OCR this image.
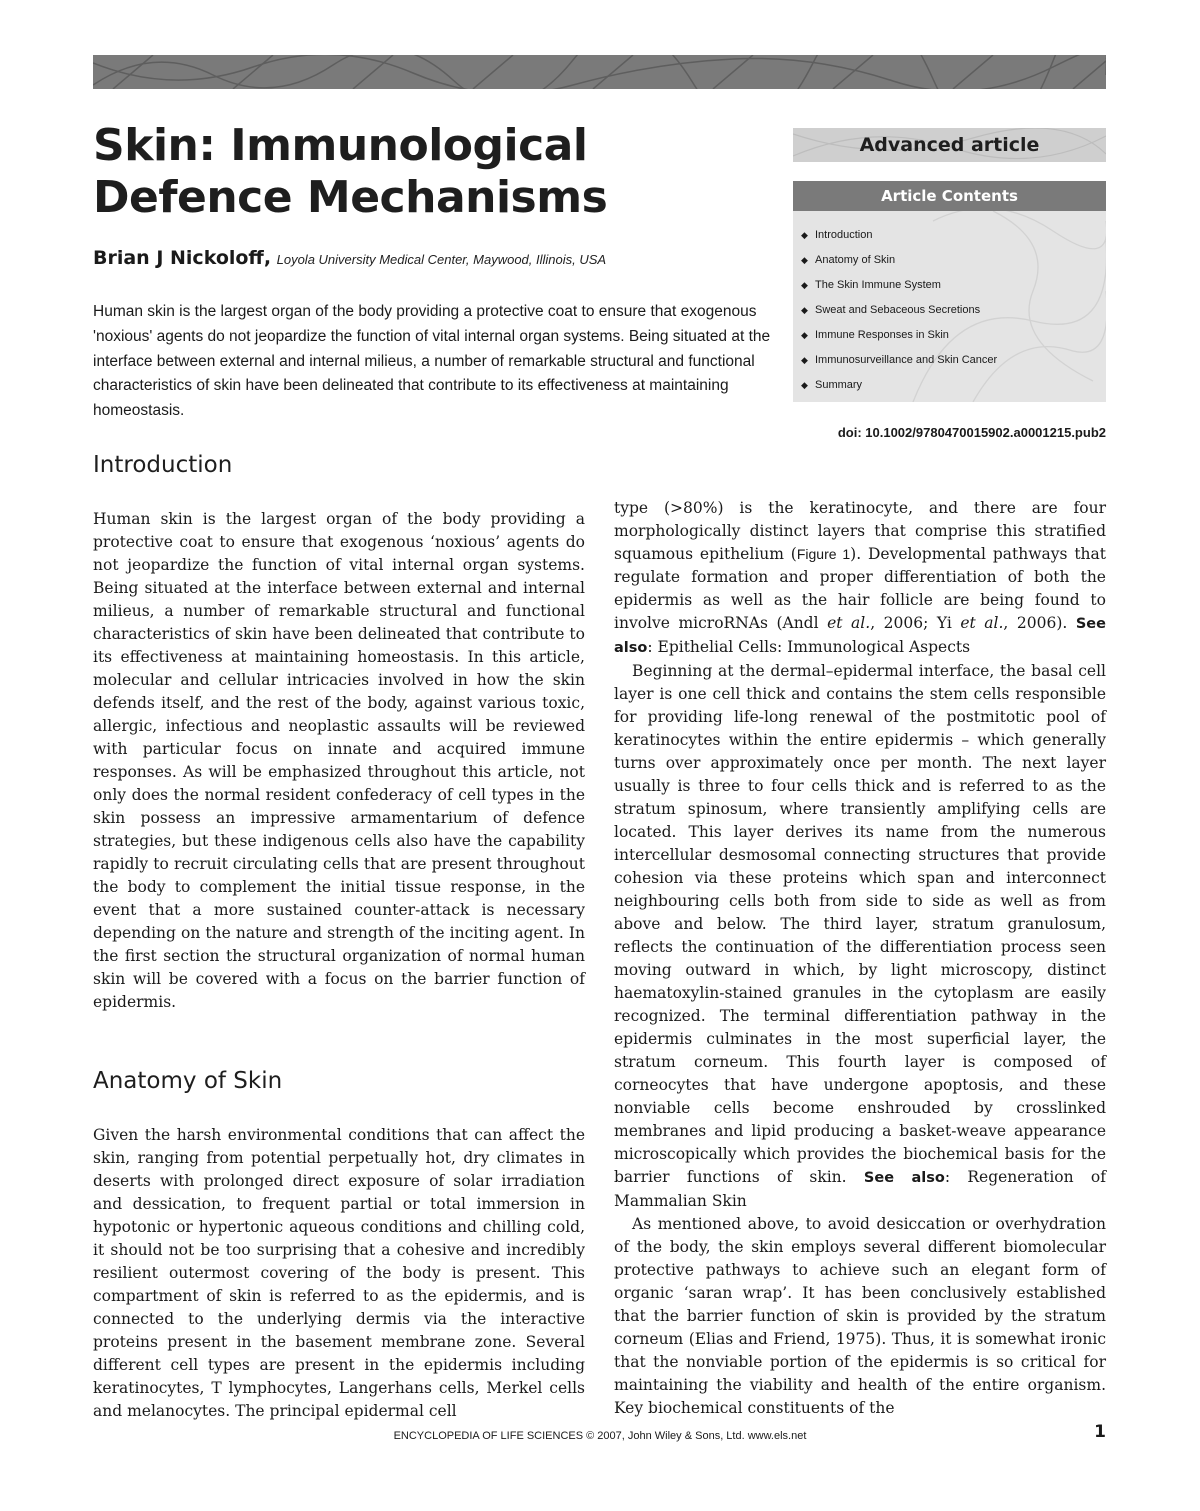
Skin: Immunological Defence Mechanisms
Brian J Nickoloff, Loyola University Medical Center, Maywood, Illinois, USA
Human skin is the largest organ of the body providing a protective coat to ensure that exogenous 'noxious' agents do not jeopardize the function of vital internal organ systems. Being situated at the interface between external and internal milieus, a number of remarkable structural and functional characteristics of skin have been delineated that contribute to its effectiveness at maintaining homeostasis.
Advanced article
Article Contents
◆ Introduction
◆ Anatomy of Skin
◆ The Skin Immune System
◆ Sweat and Sebaceous Secretions
◆ Immune Responses in Skin
◆ Immunosurveillance and Skin Cancer
◆ Summary
doi: 10.1002/9780470015902.a0001215.pub2
Introduction
Anatomy of Skin

Human skin is the largest organ of the body providing a protective coat to ensure that exogenous ‘noxious’ agents do not jeopardize the function of vital internal organ systems. Being situated at the interface between external and internal milieus, a number of remarkable structural and functional characteristics of skin have been delineated that contribute to its effectiveness at maintaining homeostasis. In this article, molecular and cellular intricacies involved in how the skin defends itself, and the rest of the body, against various toxic, allergic, infectious and neoplastic assaults will be reviewed with particular focus on innate and acquired immune responses. As will be emphasized throughout this article, not only does the normal resident confederacy of cell types in the skin possess an impressive armamentarium of defence strategies, but these indigenous cells also have the capability rapidly to recruit circulating cells that are present throughout the body to complement the initial tissue response, in the event that a more sustained counter-attack is necessary depending on the nature and strength of the inciting agent. In the first section the structural organization of normal human skin will be covered with a focus on the barrier function of epidermis.

Given the harsh environmental conditions that can affect the skin, ranging from potential perpetually hot, dry climates in deserts with prolonged direct exposure of solar irradiation and dessication, to frequent partial or total immersion in hypotonic or hypertonic aqueous conditions and chilling cold, it should not be too surprising that a cohesive and incredibly resilient outermost covering of the body is present. This compartment of skin is referred to as the epidermis, and is connected to the underlying dermis via the interactive proteins present in the basement membrane zone. Several different cell types are present in the epidermis including keratinocytes, T lymphocytes, Langerhans cells, Merkel cells and melanocytes. The principal epidermal cell

type (>80%) is the keratinocyte, and there are four morphologically distinct layers that comprise this stratified squamous epithelium (Figure 1). Developmental pathways that regulate formation and proper differentiation of both the epidermis as well as the hair follicle are being found to involve microRNAs (Andl et al., 2006; Yi et al., 2006). See also: Epithelial Cells: Immunological Aspects

Beginning at the dermal–epidermal interface, the basal cell layer is one cell thick and contains the stem cells responsible for providing life-long renewal of the postmitotic pool of keratinocytes within the entire epidermis – which generally turns over approximately once per month. The next layer usually is three to four cells thick and is referred to as the stratum spinosum, where transiently amplifying cells are located. This layer derives its name from the numerous intercellular desmosomal connecting structures that provide cohesion via these proteins which span and interconnect neighbouring cells both from side to side as well as from above and below. The third layer, stratum granulosum, reflects the continuation of the differentiation process seen moving outward in which, by light microscopy, distinct haematoxylin-stained granules in the cytoplasm are easily recognized. The terminal differentiation pathway in the epidermis culminates in the most superficial layer, the stratum corneum. This fourth layer is composed of corneocytes that have undergone apoptosis, and these nonviable cells become enshrouded by crosslinked membranes and lipid producing a basket-weave appearance microscopically which provides the biochemical basis for the barrier functions of skin. See also: Regeneration of Mammalian Skin

As mentioned above, to avoid desiccation or overhydration of the body, the skin employs several different biomolecular protective pathways to achieve such an elegant form of organic ‘saran wrap’. It has been conclusively established that the barrier function of skin is provided by the stratum corneum (Elias and Friend, 1975). Thus, it is somewhat ironic that the nonviable portion of the epidermis is so critical for maintaining the viability and health of the entire organism. Key biochemical constituents of the

ENCYCLOPEDIA OF LIFE SCIENCES © 2007, John Wiley & Sons, Ltd. www.els.net	1
